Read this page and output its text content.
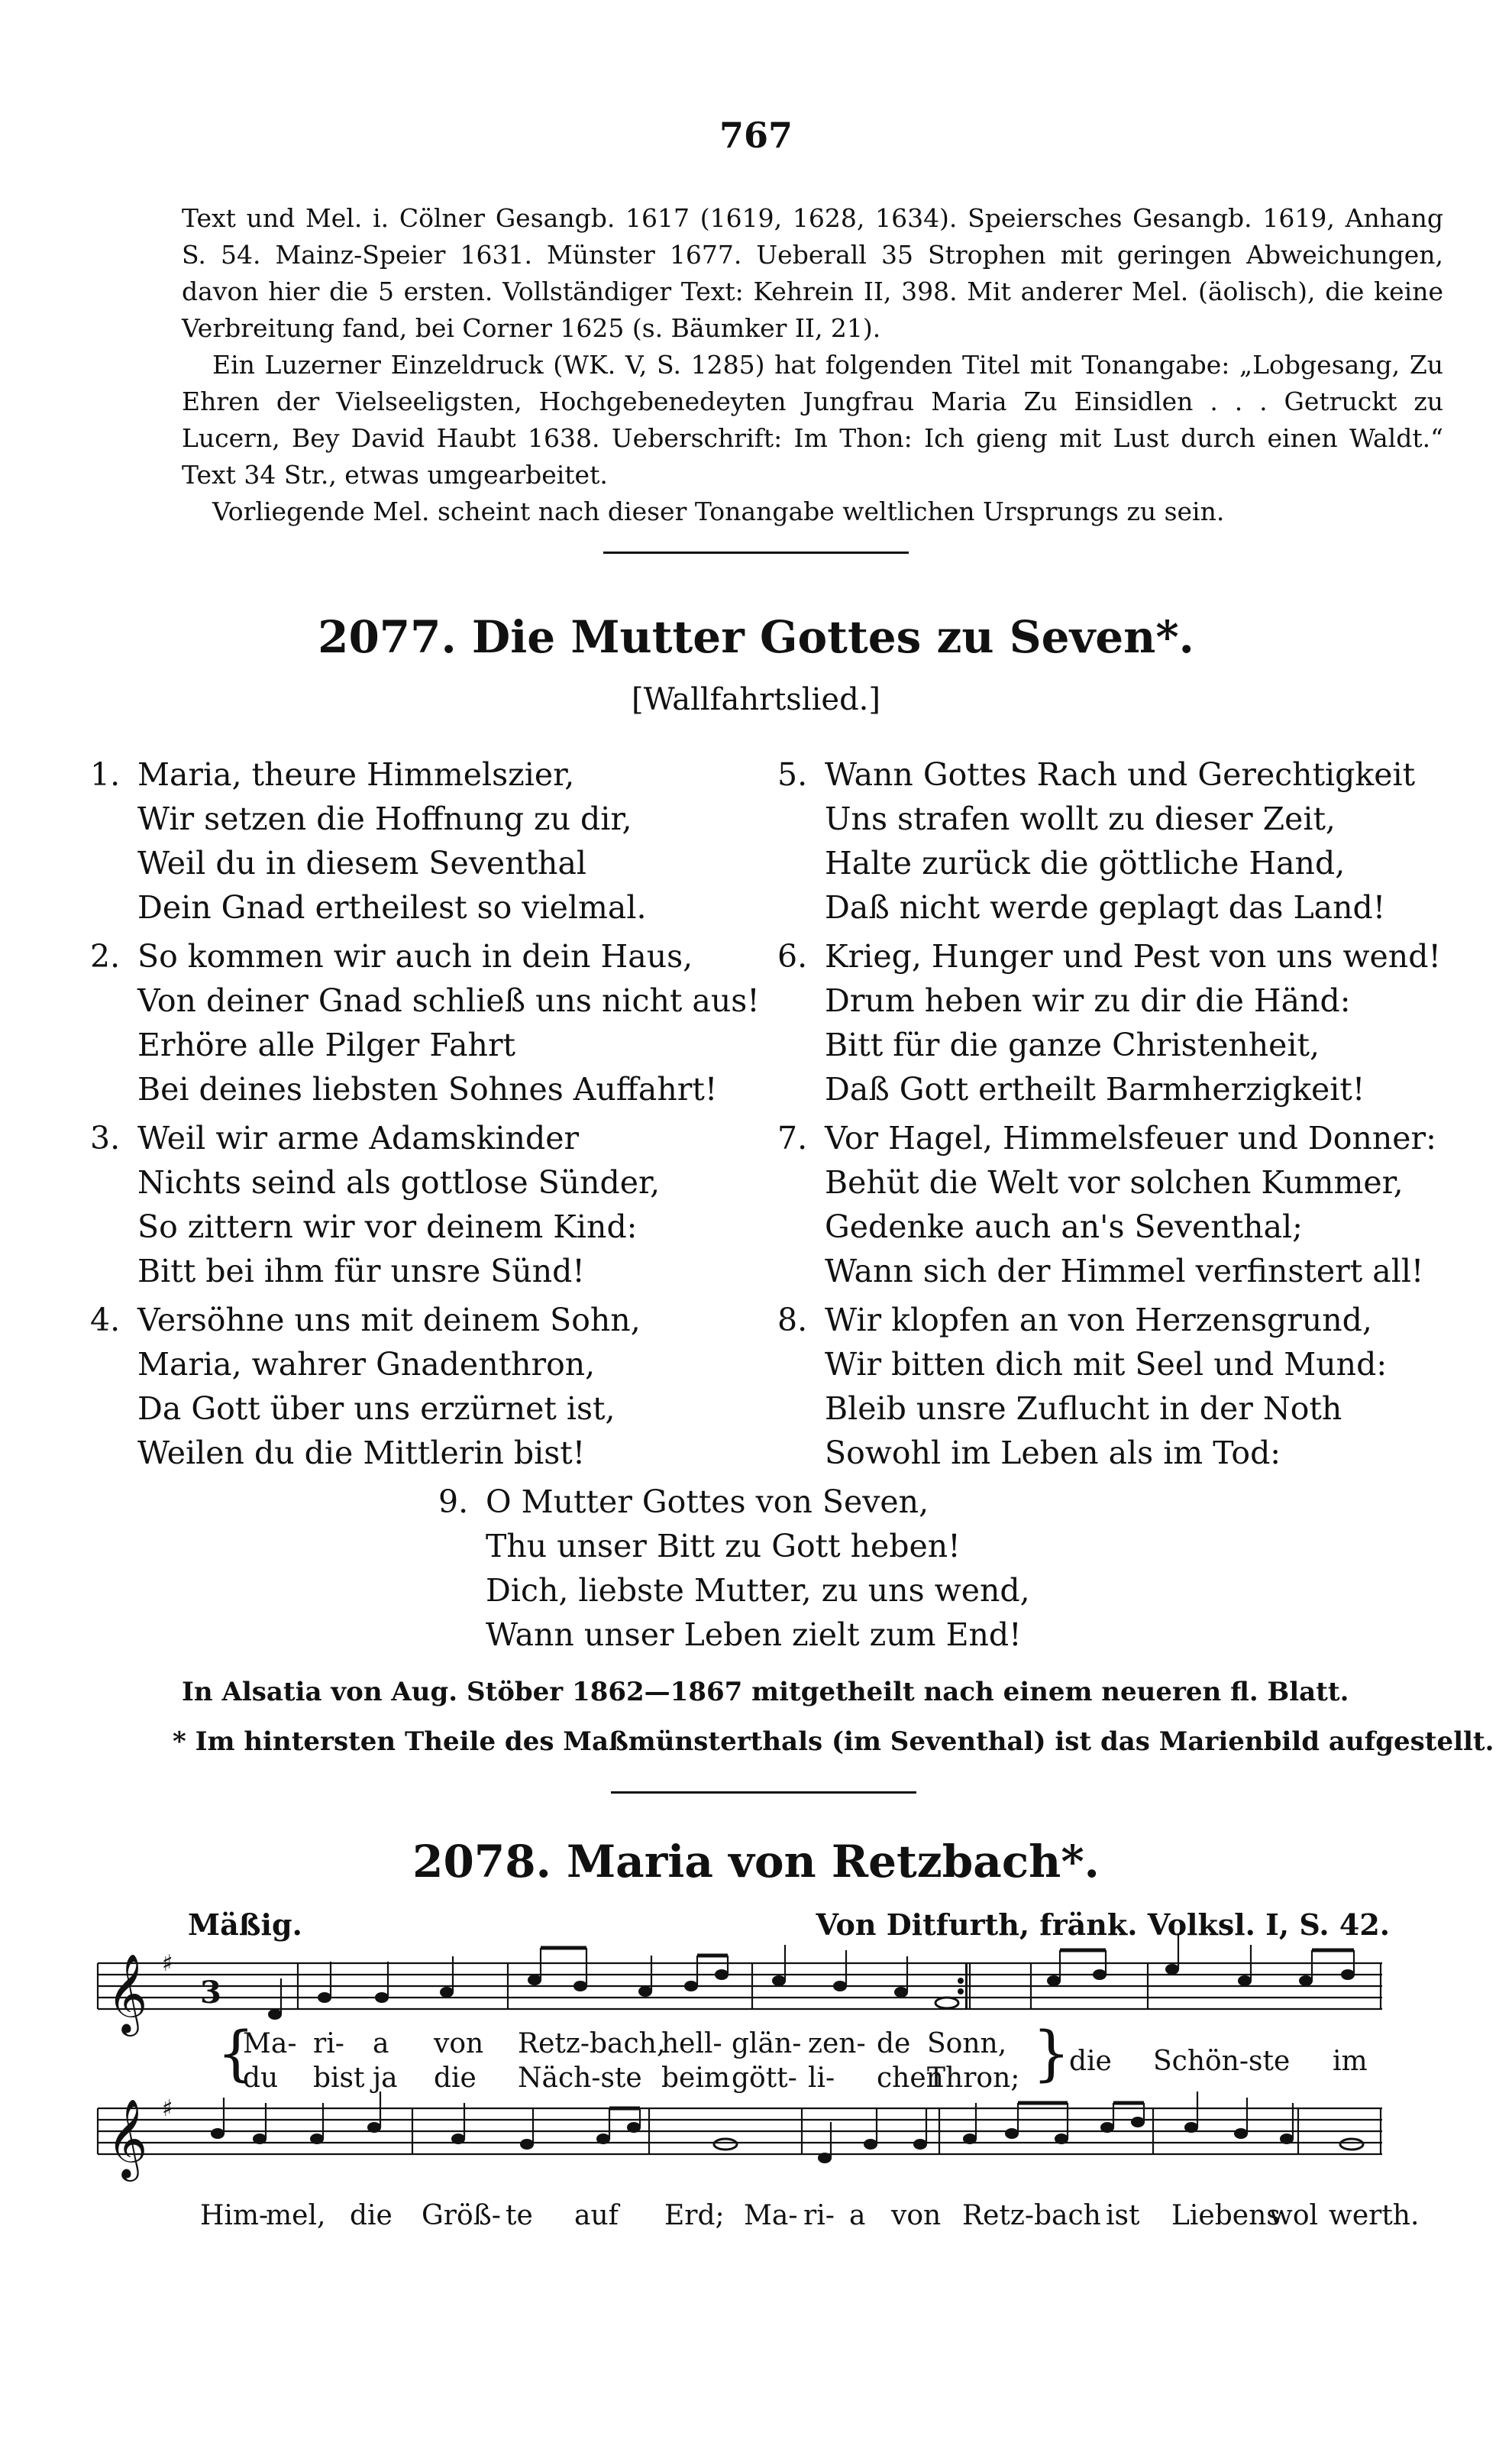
767

Text und Mel. i. Cölner Gesangb. 1617 (1619, 1628, 1634). Speiersches Gesangb. 1619, Anhang S. 54. Mainz-Speier 1631. Münster 1677. Ueberall 35 Strophen mit geringen Abweichungen, davon hier die 5 ersten. Vollständiger Text: Kehrein II, 398. Mit anderer Mel. (äolisch), die keine Verbreitung fand, bei Corner 1625 (s. Bäumker II, 21).

Ein Luzerner Einzeldruck (WK. V, S. 1285) hat folgenden Titel mit Tonangabe: „Lobgesang, Zu Ehren der Vielseeligsten, Hochgebenedeyten Jungfrau Maria Zu Einsidlen . . . Getruckt zu Lucern, Bey David Haubt 1638. Ueberschrift: Im Thon: Ich gieng mit Lust durch einen Waldt.“ Text 34 Str., etwas umgearbeitet.

Vorliegende Mel. scheint nach dieser Tonangabe weltlichen Ursprungs zu sein.

2077. Die Mutter Gottes zu Seven*.
[Wallfahrtslied.]
1. Maria, theure Himmelszier,
Wir setzen die Hoffnung zu dir,
Weil du in diesem Seventhal
Dein Gnad ertheilest so vielmal.
2. So kommen wir auch in dein Haus,
Von deiner Gnad schließ uns nicht aus!
Erhöre alle Pilger Fahrt
Bei deines liebsten Sohnes Auffahrt!
3. Weil wir arme Adamskinder
Nichts seind als gottlose Sünder,
So zittern wir vor deinem Kind:
Bitt bei ihm für unsre Sünd!
4. Versöhne uns mit deinem Sohn,
Maria, wahrer Gnadenthron,
Da Gott über uns erzürnet ist,
Weilen du die Mittlerin bist!
5. Wann Gottes Rach und Gerechtigkeit
Uns strafen wollt zu dieser Zeit,
Halte zurück die göttliche Hand,
Daß nicht werde geplagt das Land!
6. Krieg, Hunger und Pest von uns wend!
Drum heben wir zu dir die Händ:
Bitt für die ganze Christenheit,
Daß Gott ertheilt Barmherzigkeit!
7. Vor Hagel, Himmelsfeuer und Donner:
Behüt die Welt vor solchen Kummer,
Gedenke auch an's Seventhal;
Wann sich der Himmel verfinstert all!
8. Wir klopfen an von Herzensgrund,
Wir bitten dich mit Seel und Mund:
Bleib unsre Zuflucht in der Noth
Sowohl im Leben als im Tod:
9. O Mutter Gottes von Seven,
Thu unser Bitt zu Gott heben!
Dich, liebste Mutter, zu uns wend,
Wann unser Leben zielt zum End!
In Alsatia von Aug. Stöber 1862—1867 mitgetheilt nach einem neueren fl. Blatt.
* Im hintersten Theile des Maßmünsterthals (im Seventhal) ist das Marienbild aufgestellt.
2078. Maria von Retzbach*.
Mäßig.	Von Ditfurth, fränk. Volksl. I, S. 42.
𝄞
𝄞
♯
♯
3
{	}
Ma- ri- a von Retz-bach,
hell- glän- zen- de Sonn,
du bist ja die Näch-ste beim gött- li- chen
Thron;
die Schön-ste im
Him-
mel, die Größ- te auf Erd; Ma- ri- a von Retz-bach ist Liebens
wol werth.
